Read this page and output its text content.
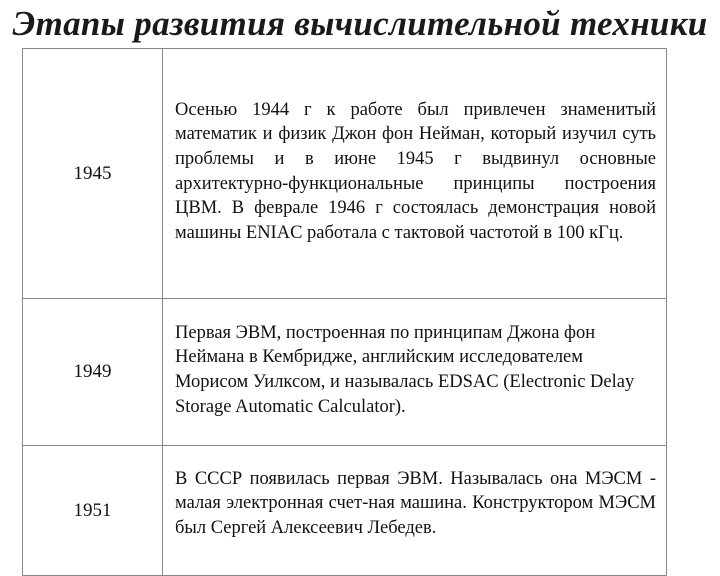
Этапы развития вычислительной техники
1945	Осенью 1944 г к работе был привлечен знаменитый математик и физик Джон фон Нейман, который изучил суть проблемы и в июне 1945 г выдвинул основные архитектурно-функциональные принципы построения ЦВМ. В феврале 1946 г состоялась демонстрация новой машины ENIAC работала с тактовой частотой в 100 кГц.
1949	Первая ЭВМ, построенная по принципам Джона фон Неймана в Кембридже, английским исследователем Морисом Уилксом, и называлась EDSAC (Electronic Delay Storage Automatic Calculator).
1951	В СССР появилась первая ЭВМ. Называлась она МЭСМ - малая электронная счет-ная машина. Конструктором МЭСМ был Сергей Алексеевич Лебедев.
